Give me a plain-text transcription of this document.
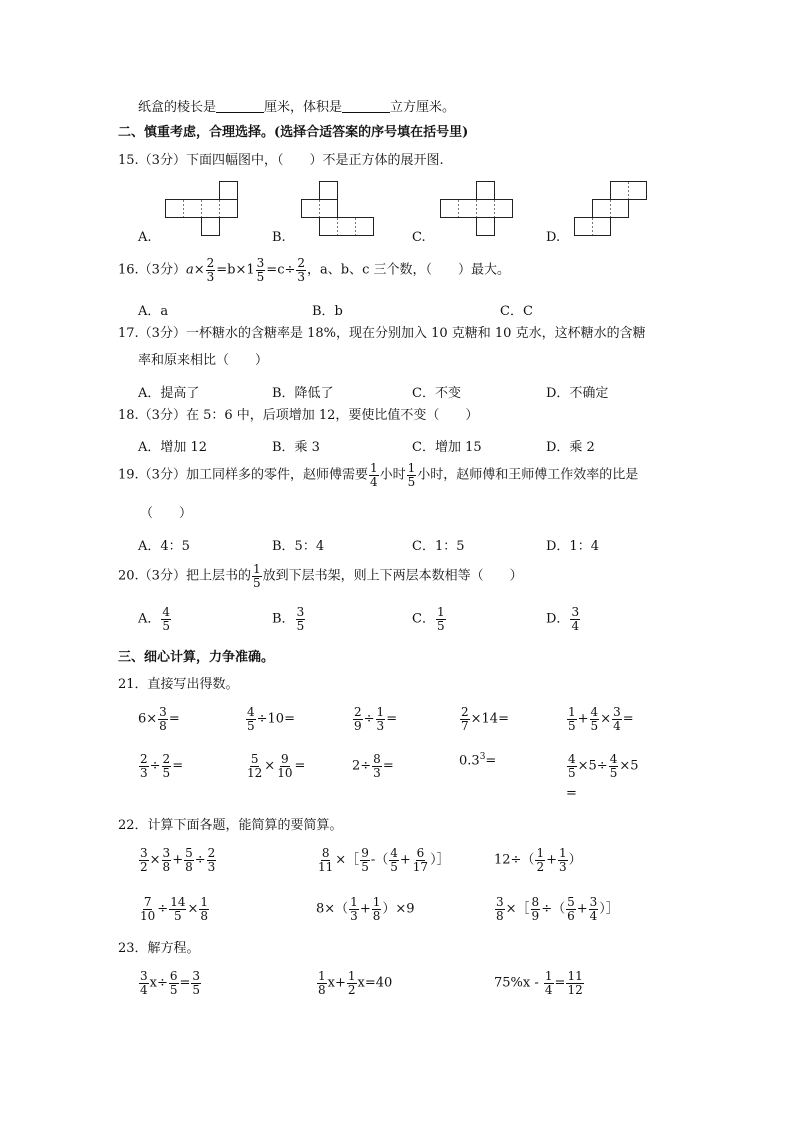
纸盒的棱长是	厘米，体积是	立方厘米。
二、慎重考虑，合理选择。(选择合适答案的序号填在括号里)
15.（3分）下面四幅图中，（　　）不是正方体的展开图.
A.	B.	C.	D.
16.（3分）$a\times \frac{2}{3} =b\times 1 \frac{3}{5} =c\div \frac{2}{3}$ ，a、b、c 三个数，（　　）最大。
A．a	B．b	C．C
17.（3分）一杯糖水的含糖率是 18%，现在分别加入 10 克糖和 10 克水，这杯糖水的含糖
率和原来相比（　　）
A．提高了	B．降低了	C．不变	D．不确定
18.（3分）在 5：6 中，后项增加 12，要使比值不变（　　）
A．增加 12	B．乘 3	C．增加 15	D．乘 2
19.（3分）加工同样多的零件，赵师傅需要 $\frac{1}{4}$ 小时 $\frac{1}{5}$ 小时，赵师傅和王师傅工作效率的比是
（　　）
A．4：5	B．5：4	C．1：5	D．1：4
20.（3分）把上层书的 $\frac{1}{5}$ 放到下层书架，则上下两层本数相等（　　）
A． $\frac{4}{5}$	B． $\frac{3}{5}$	C． $\frac{1}{5}$	D． $\frac{3}{4}$
三、细心计算，力争准确。
21．直接写出得数。
$6\times \frac{3}{8}$ =	$\frac{4}{5} \div 10=$	$\frac{2}{9} \div \frac{1}{3}$ =	$\frac{2}{7} \times 14=$	$\frac{1}{5} + \frac{4}{5} \times \frac{3}{4}$ =
$\frac{2}{3} \div \frac{2}{5}$ =	$\frac{5}{12} \times \frac{9}{10}$ =	$2\div \frac{8}{3}$ =	$0.3^3=$	$\frac{4}{5} \times 5\div \frac{4}{5} \times 5$
=
22．计算下面各题，能简算的要简算。
$\frac{3}{2} \times \frac{3}{8} + \frac{5}{8} \div \frac{2}{3}$	$\frac{8}{11}$ ×［ $\frac{9}{5}$ -（ $\frac{4}{5} + \frac{6}{17}$ ）］	$12\div( \frac{1}{2} + \frac{1}{3}$ ）
$\frac{7}{10} \div \frac{14}{5} \times \frac{1}{8}$	$8\times( \frac{1}{3} + \frac{1}{8} )\times 9$	$\frac{3}{8}$ ×［ $\frac{8}{9}$ ÷（ $\frac{5}{6} + \frac{3}{4}$ ）］
23．解方程。
$\frac{3}{4} x\div \frac{6}{5} = \frac{3}{5}$	$\frac{1}{8} x+ \frac{1}{2} x=40$	$75\%x - \frac{1}{4} = \frac{11}{12}$
